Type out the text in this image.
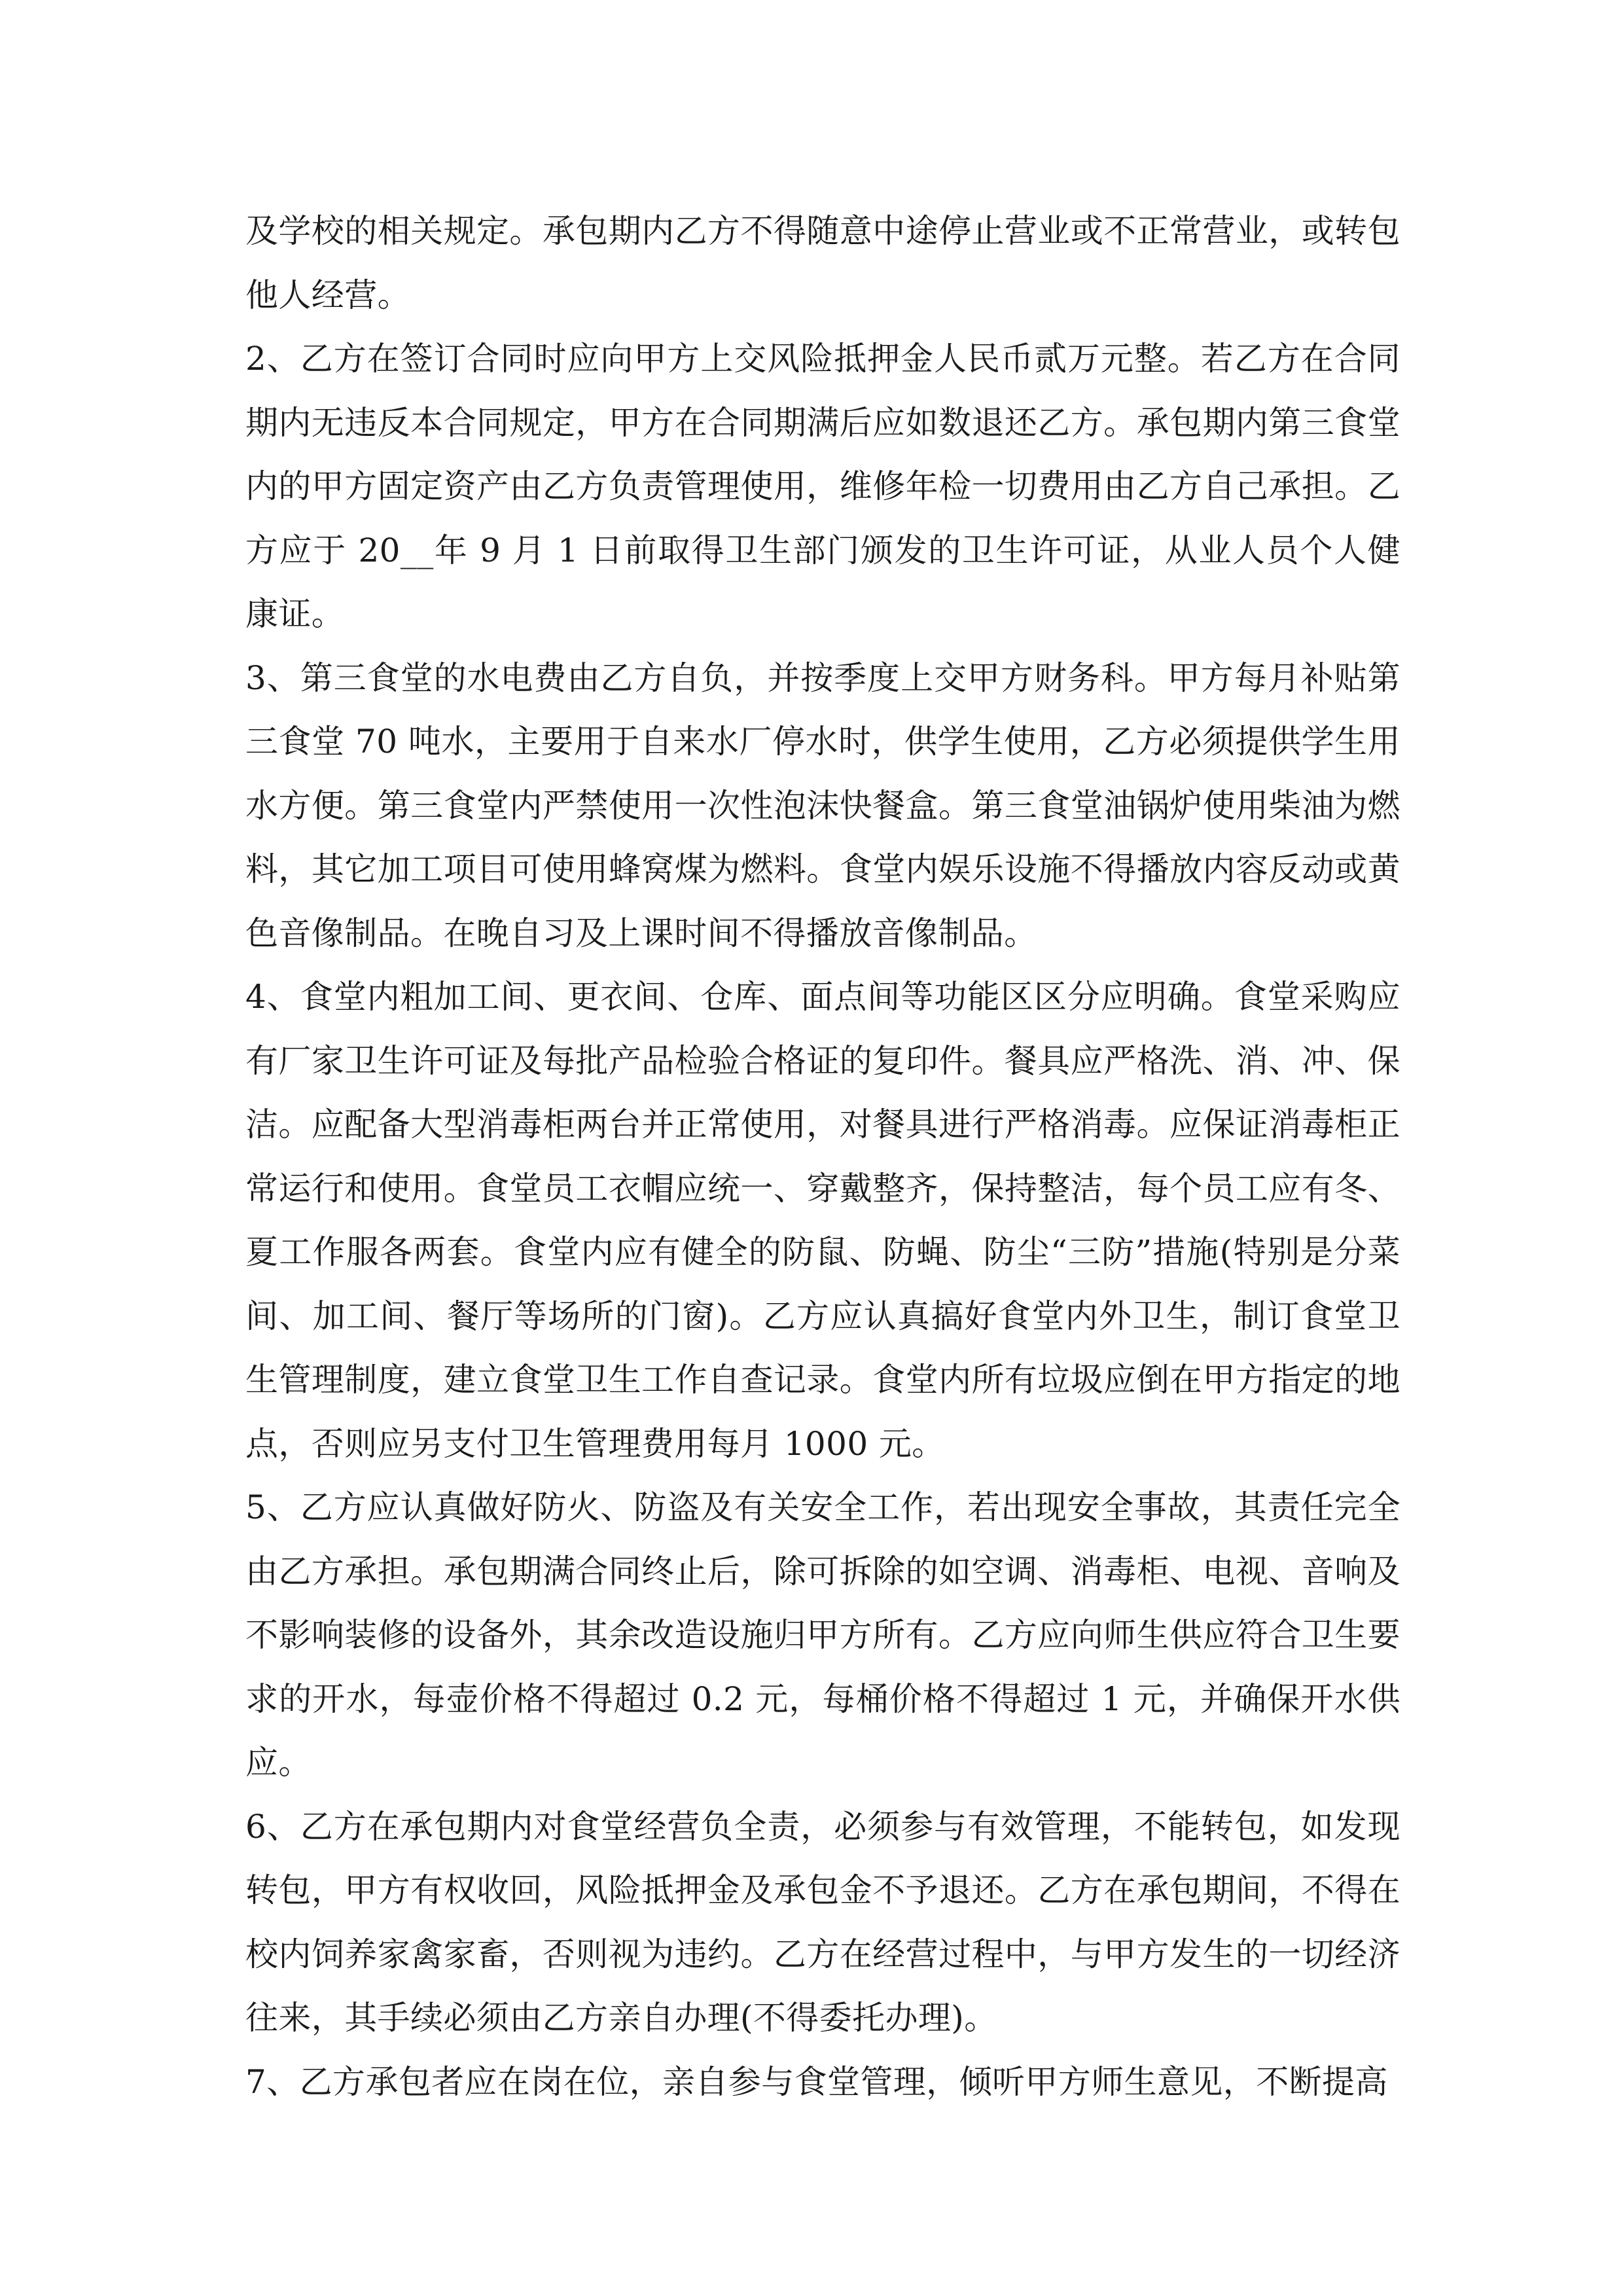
及学校的相关规定。承包期内乙方不得随意中途停止营业或不正常营业，或转包他人经营。

2、乙方在签订合同时应向甲方上交风险抵押金人民币贰万元整。若乙方在合同期内无违反本合同规定，甲方在合同期满后应如数退还乙方。承包期内第三食堂内的甲方固定资产由乙方负责管理使用，维修年检一切费用由乙方自己承担。乙方应于 20__年 9 月 1 日前取得卫生部门颁发的卫生许可证，从业人员个人健康证。

3、第三食堂的水电费由乙方自负，并按季度上交甲方财务科。甲方每月补贴第三食堂 70 吨水，主要用于自来水厂停水时，供学生使用，乙方必须提供学生用水方便。第三食堂内严禁使用一次性泡沫快餐盒。第三食堂油锅炉使用柴油为燃料，其它加工项目可使用蜂窝煤为燃料。食堂内娱乐设施不得播放内容反动或黄色音像制品。在晚自习及上课时间不得播放音像制品。

4、食堂内粗加工间、更衣间、仓库、面点间等功能区区分应明确。食堂采购应有厂家卫生许可证及每批产品检验合格证的复印件。餐具应严格洗、消、冲、保洁。应配备大型消毒柜两台并正常使用，对餐具进行严格消毒。应保证消毒柜正常运行和使用。食堂员工衣帽应统一、穿戴整齐，保持整洁，每个员工应有冬、夏工作服各两套。食堂内应有健全的防鼠、防蝇、防尘“三防”措施(特别是分菜间、加工间、餐厅等场所的门窗)。乙方应认真搞好食堂内外卫生，制订食堂卫生管理制度，建立食堂卫生工作自查记录。食堂内所有垃圾应倒在甲方指定的地点，否则应另支付卫生管理费用每月 1000 元。

5、乙方应认真做好防火、防盗及有关安全工作，若出现安全事故，其责任完全由乙方承担。承包期满合同终止后，除可拆除的如空调、消毒柜、电视、音响及不影响装修的设备外，其余改造设施归甲方所有。乙方应向师生供应符合卫生要求的开水，每壶价格不得超过 0.2 元，每桶价格不得超过 1 元，并确保开水供应。

6、乙方在承包期内对食堂经营负全责，必须参与有效管理，不能转包，如发现转包，甲方有权收回，风险抵押金及承包金不予退还。乙方在承包期间，不得在校内饲养家禽家畜，否则视为违约。乙方在经营过程中，与甲方发生的一切经济往来，其手续必须由乙方亲自办理(不得委托办理)。

7、乙方承包者应在岗在位，亲自参与食堂管理，倾听甲方师生意见，不断提高
